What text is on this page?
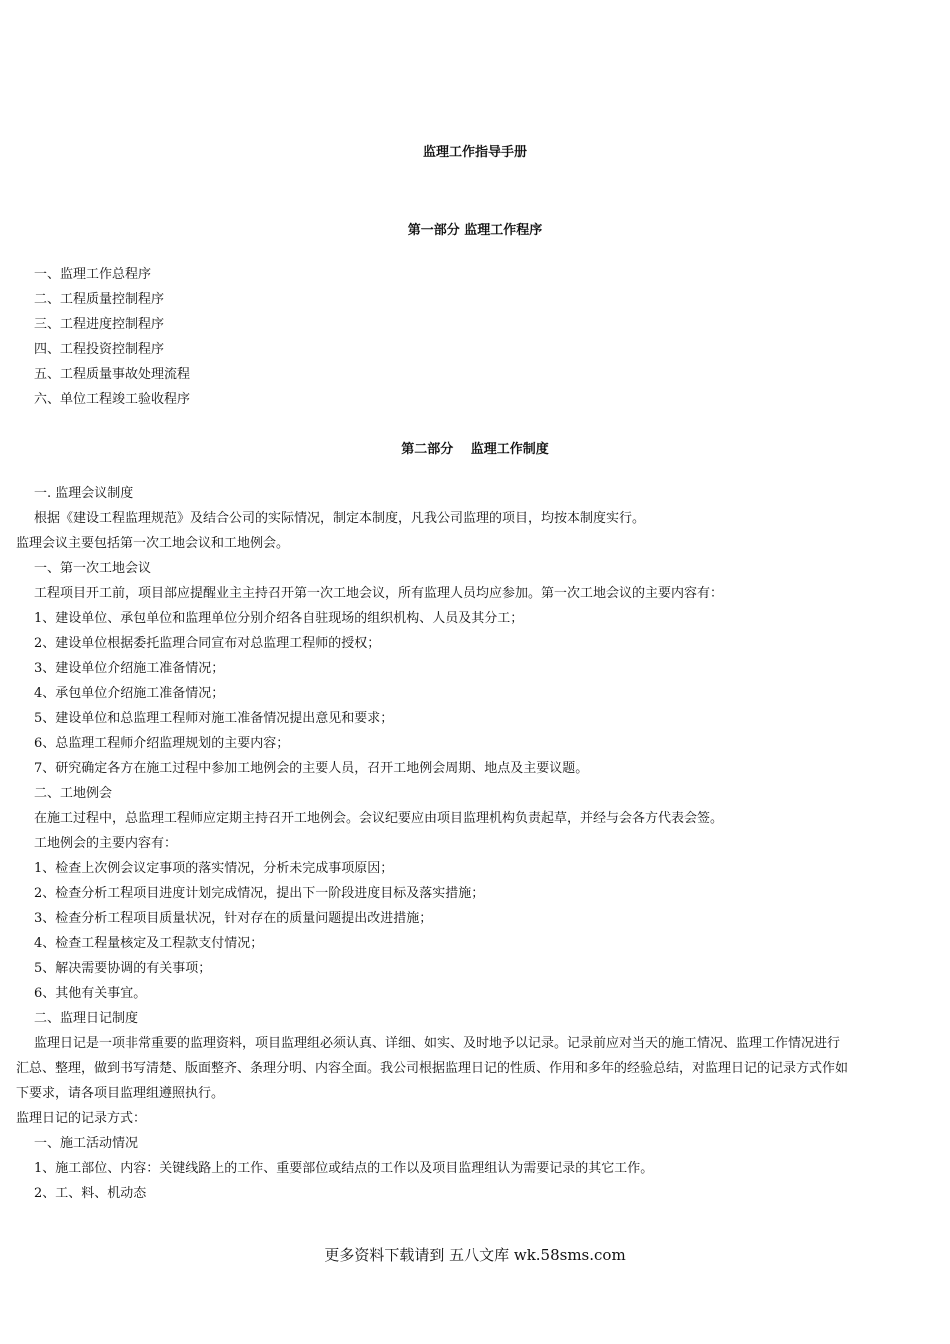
监理工作指导手册
第一部分 监理工作程序
一、监理工作总程序
二、工程质量控制程序
三、工程进度控制程序
四、工程投资控制程序
五、工程质量事故处理流程
六、单位工程竣工验收程序
第二部分　 监理工作制度
一. 监理会议制度
根据《建设工程监理规范》及结合公司的实际情况，制定本制度，凡我公司监理的项目，均按本制度实行。
监理会议主要包括第一次工地会议和工地例会。
一、第一次工地会议
工程项目开工前，项目部应提醒业主主持召开第一次工地会议，所有监理人员均应参加。第一次工地会议的主要内容有：
1、建设单位、承包单位和监理单位分别介绍各自驻现场的组织机构、人员及其分工；
2、建设单位根据委托监理合同宣布对总监理工程师的授权；
3、建设单位介绍施工准备情况；
4、承包单位介绍施工准备情况；
5、建设单位和总监理工程师对施工准备情况提出意见和要求；
6、总监理工程师介绍监理规划的主要内容；
7、研究确定各方在施工过程中参加工地例会的主要人员，召开工地例会周期、地点及主要议题。
二、工地例会
在施工过程中，总监理工程师应定期主持召开工地例会。会议纪要应由项目监理机构负责起草，并经与会各方代表会签。
工地例会的主要内容有：
1、检查上次例会议定事项的落实情况，分析未完成事项原因；
2、检查分析工程项目进度计划完成情况，提出下一阶段进度目标及落实措施；
3、检查分析工程项目质量状况，针对存在的质量问题提出改进措施；
4、检查工程量核定及工程款支付情况；
5、解决需要协调的有关事项；
6、其他有关事宜。
二、监理日记制度
监理日记是一项非常重要的监理资料，项目监理组必须认真、详细、如实、及时地予以记录。记录前应对当天的施工情况、监理工作情况进行
汇总、整理，做到书写清楚、版面整齐、条理分明、内容全面。我公司根据监理日记的性质、作用和多年的经验总结，对监理日记的记录方式作如
下要求，请各项目监理组遵照执行。
监理日记的记录方式：
一、施工活动情况
1、施工部位、内容：关键线路上的工作、重要部位或结点的工作以及项目监理组认为需要记录的其它工作。
2、工、料、机动态
更多资料下载请到 五八文库 wk.58sms.com
